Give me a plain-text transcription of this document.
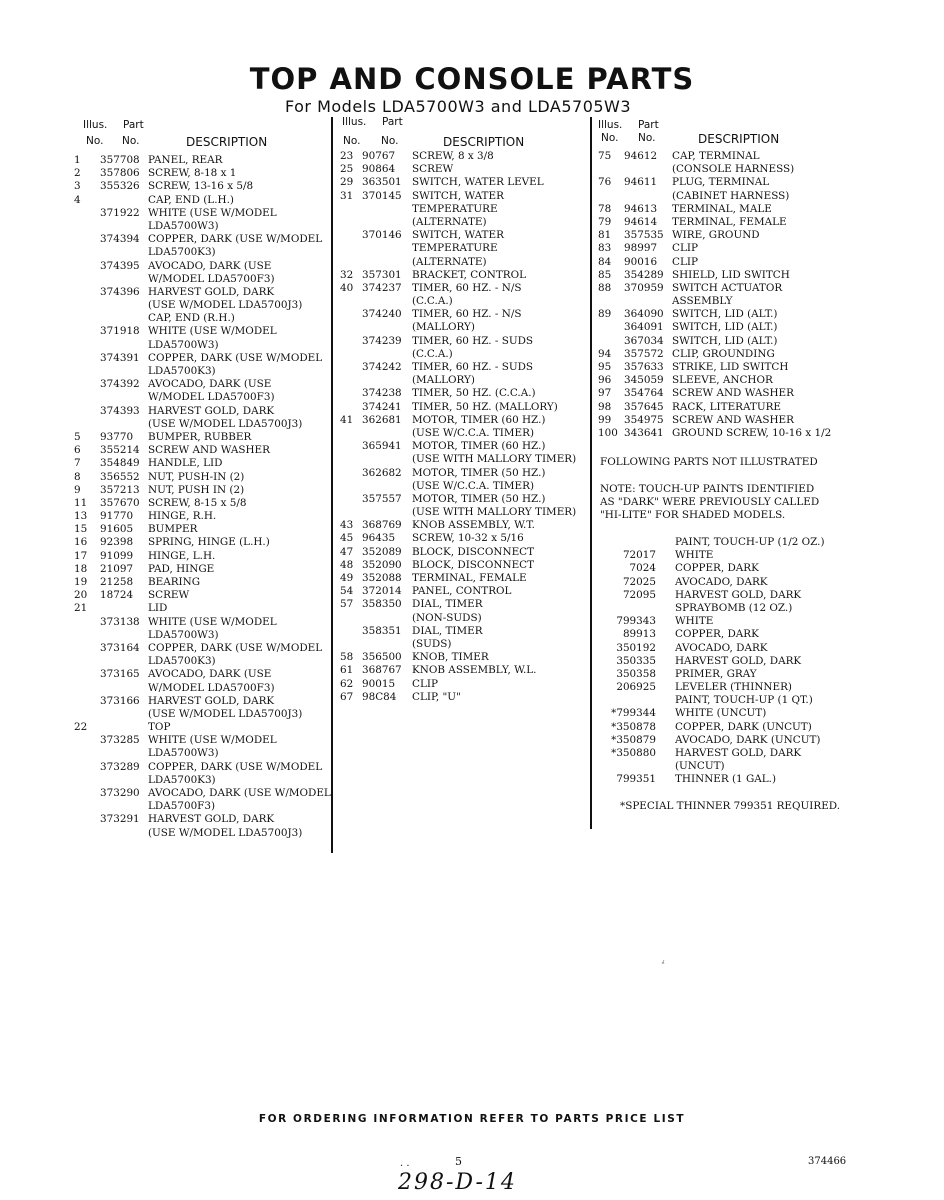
TOP AND CONSOLE PARTS
For Models LDA5700W3 and LDA5705W3
Illus. Part
No. No.	DESCRIPTION
1 357708 PANEL, REAR
2 357806 SCREW, 8-18 x 1
3 355326 SCREW, 13-16 x 5/8
4	CAP, END (L.H.)
371922 WHITE (USE W/MODEL
LDA5700W3)
374394 COPPER, DARK (USE W/MODEL
LDA5700K3)
374395 AVOCADO, DARK (USE
W/MODEL LDA5700F3)
374396 HARVEST GOLD, DARK
(USE W/MODEL LDA5700J3)
CAP, END (R.H.)
371918 WHITE (USE W/MODEL
LDA5700W3)
374391 COPPER, DARK (USE W/MODEL
LDA5700K3)
374392 AVOCADO, DARK (USE
W/MODEL LDA5700F3)
374393 HARVEST GOLD, DARK
(USE W/MODEL LDA5700J3)
5 93770 BUMPER, RUBBER
6 355214 SCREW AND WASHER
7 354849 HANDLE, LID
8 356552 NUT, PUSH-IN (2)
9 357213 NUT, PUSH IN (2)
11 357670 SCREW, 8-15 x 5/8
13 91770 HINGE, R.H.
15 91605 BUMPER
16 92398 SPRING, HINGE (L.H.)
17 91099 HINGE, L.H.
18 21097 PAD, HINGE
19 21258 BEARING
20 18724 SCREW
21	LID
373138 WHITE (USE W/MODEL
LDA5700W3)
373164 COPPER, DARK (USE W/MODEL
LDA5700K3)
373165 AVOCADO, DARK (USE
W/MODEL LDA5700F3)
373166 HARVEST GOLD, DARK
(USE W/MODEL LDA5700J3)
22	TOP
373285 WHITE (USE W/MODEL
LDA5700W3)
373289 COPPER, DARK (USE W/MODEL
LDA5700K3)
373290 AVOCADO, DARK (USE W/MODEL
LDA5700F3)
373291 HARVEST GOLD, DARK
(USE W/MODEL LDA5700J3)
Illus. Part
No. No.	DESCRIPTION
23 90767 SCREW, 8 x 3/8
25 90864 SCREW
29 363501 SWITCH, WATER LEVEL
31 370145 SWITCH, WATER
TEMPERATURE
(ALTERNATE)
370146 SWITCH, WATER
TEMPERATURE
(ALTERNATE)
32 357301 BRACKET, CONTROL
40 374237 TIMER, 60 HZ. - N/S
(C.C.A.)
374240 TIMER, 60 HZ. - N/S
(MALLORY)
374239 TIMER, 60 HZ. - SUDS
(C.C.A.)
374242 TIMER, 60 HZ. - SUDS
(MALLORY)
374238 TIMER, 50 HZ. (C.C.A.)
374241 TIMER, 50 HZ. (MALLORY)
41 362681 MOTOR, TIMER (60 HZ.)
(USE W/C.C.A. TIMER)
365941 MOTOR, TIMER (60 HZ.)
(USE WITH MALLORY TIMER)
362682 MOTOR, TIMER (50 HZ.)
(USE W/C.C.A. TIMER)
357557 MOTOR, TIMER (50 HZ.)
(USE WITH MALLORY TIMER)
43 368769 KNOB ASSEMBLY, W.T.
45 96435 SCREW, 10-32 x 5/16
47 352089 BLOCK, DISCONNECT
48 352090 BLOCK, DISCONNECT
49 352088 TERMINAL, FEMALE
54 372014 PANEL, CONTROL
57 358350 DIAL, TIMER
(NON-SUDS)
358351 DIAL, TIMER
(SUDS)
58 356500 KNOB, TIMER
61 368767 KNOB ASSEMBLY, W.L.
62 90015 CLIP
67 98C84 CLIP, "U"
Illus. Part
No. No.	DESCRIPTION
75 94612 CAP, TERMINAL
(CONSOLE HARNESS)
76 94611 PLUG, TERMINAL
(CABINET HARNESS)
78 94613 TERMINAL, MALE
79 94614 TERMINAL, FEMALE
81 357535 WIRE, GROUND
83 98997 CLIP
84 90016 CLIP
85 354289 SHIELD, LID SWITCH
88 370959 SWITCH ACTUATOR
ASSEMBLY
89 364090 SWITCH, LID (ALT.)
364091 SWITCH, LID (ALT.)
367034 SWITCH, LID (ALT.)
94 357572 CLIP, GROUNDING
95 357633 STRIKE, LID SWITCH
96 345059 SLEEVE, ANCHOR
97 354764 SCREW AND WASHER
98 357645 RACK, LITERATURE
99 354975 SCREW AND WASHER
100 343641 GROUND SCREW, 10-16 x 1/2
FOLLOWING PARTS NOT ILLUSTRATED
NOTE: TOUCH-UP PAINTS IDENTIFIED
AS "DARK" WERE PREVIOUSLY CALLED
"HI-LITE" FOR SHADED MODELS.
PAINT, TOUCH-UP (1/2 OZ.)
72017 WHITE
7024 COPPER, DARK
72025 AVOCADO, DARK
72095 HARVEST GOLD, DARK
SPRAYBOMB (12 OZ.)
799343 WHITE
89913 COPPER, DARK
350192 AVOCADO, DARK
350335 HARVEST GOLD, DARK
350358 PRIMER, GRAY
206925 LEVELER (THINNER)
PAINT, TOUCH-UP (1 QT.)
*799344 WHITE (UNCUT)
*350878 COPPER, DARK (UNCUT)
*350879 AVOCADO, DARK (UNCUT)
*350880 HARVEST GOLD, DARK
(UNCUT)
799351 THINNER (1 GAL.)
*SPECIAL THINNER 799351 REQUIRED.
⁁
FOR ORDERING INFORMATION REFER TO PARTS PRICE LIST
. .	5	374466
298-D-14
